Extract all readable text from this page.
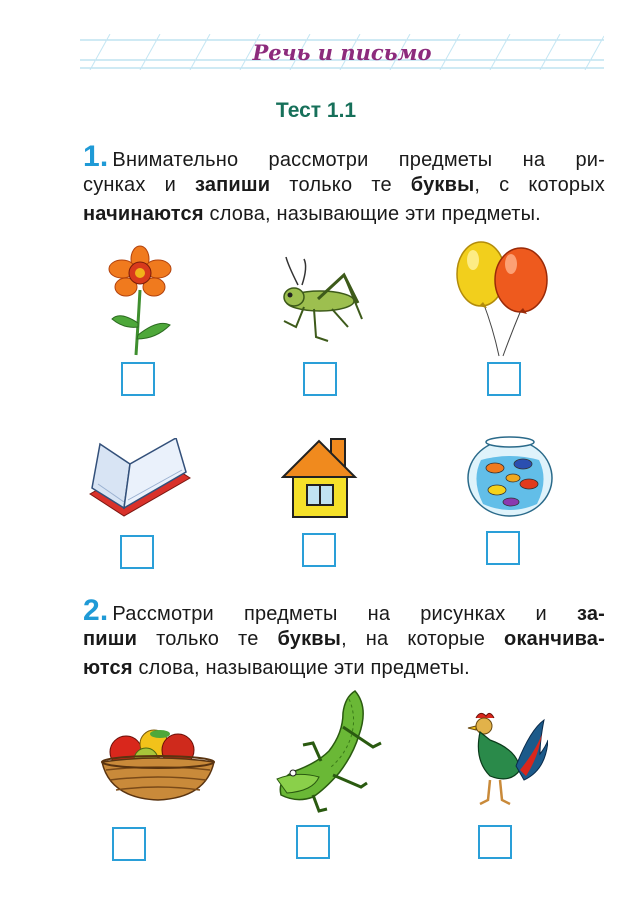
Речь и письмо
Тест 1.1
1. Внимательно рассмотри предметы на ри-
сунках и запиши только те буквы, с которых
начинаются слова, называющие эти предметы.
2. Рассмотри предметы на рисунках и за-
пиши только те буквы, на которые оканчива-
ются слова, называющие эти предметы.
